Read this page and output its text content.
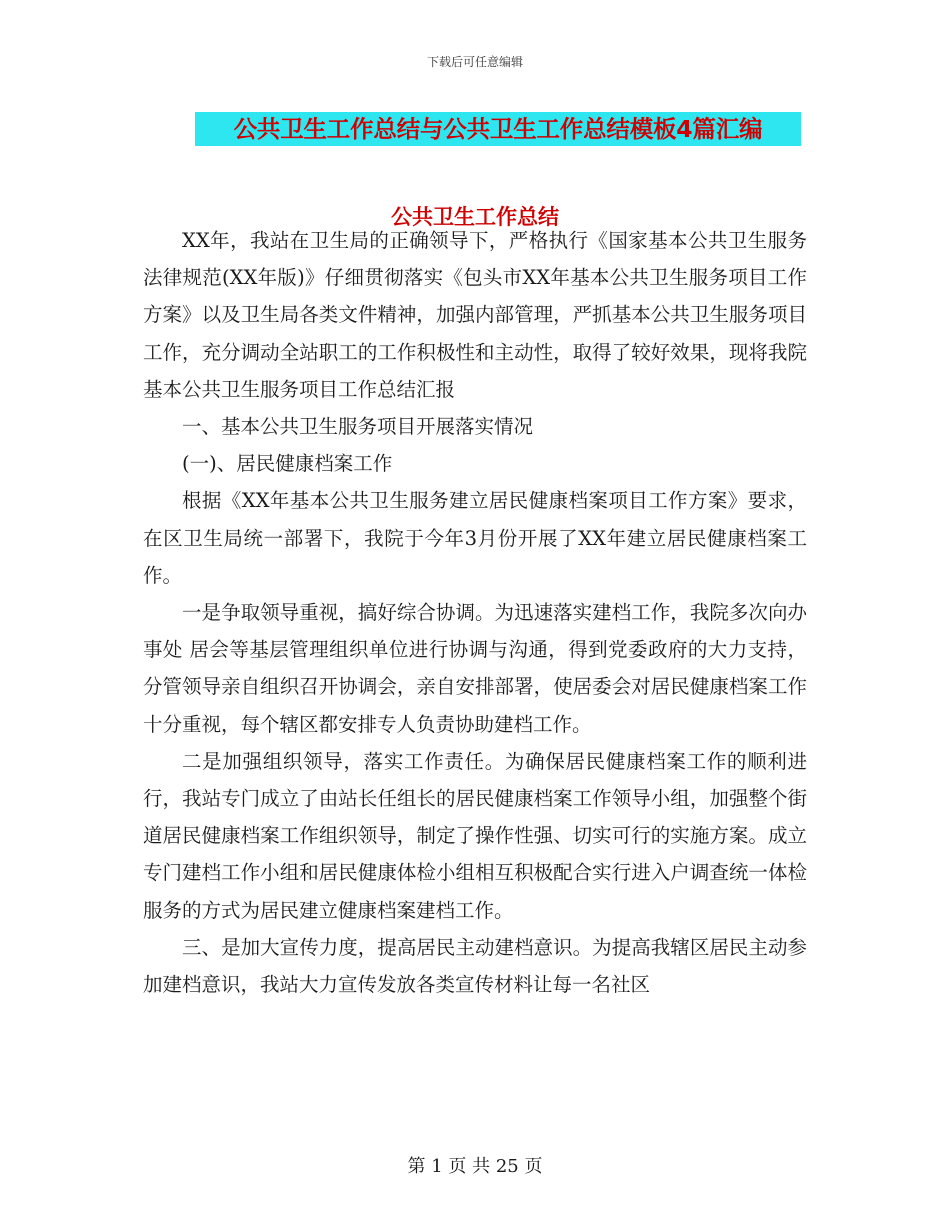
下载后可任意编辑
公共卫生工作总结与公共卫生工作总结模板4篇汇编
公共卫生工作总结

XX年，我站在卫生局的正确领导下，严格执行《国家基本公共卫生服务法律规范(XX年版)》仔细贯彻落实《包头市XX年基本公共卫生服务项目工作方案》以及卫生局各类文件精神，加强内部管理，严抓基本公共卫生服务项目工作，充分调动全站职工的工作积极性和主动性，取得了较好效果，现将我院基本公共卫生服务项目工作总结汇报

一、基本公共卫生服务项目开展落实情况

(一)、居民健康档案工作

根据《XX年基本公共卫生服务建立居民健康档案项目工作方案》要求，在区卫生局统一部署下，我院于今年3月份开展了XX年建立居民健康档案工作。

一是争取领导重视，搞好综合协调。为迅速落实建档工作，我院多次向办事处 居会等基层管理组织单位进行协调与沟通，得到党委政府的大力支持，分管领导亲自组织召开协调会，亲自安排部署，使居委会对居民健康档案工作十分重视，每个辖区都安排专人负责协助建档工作。

二是加强组织领导，落实工作责任。为确保居民健康档案工作的顺利进行，我站专门成立了由站长任组长的居民健康档案工作领导小组，加强整个街道居民健康档案工作组织领导，制定了操作性强、切实可行的实施方案。成立专门建档工作小组和居民健康体检小组相互积极配合实行进入户调查统一体检服务的方式为居民建立健康档案建档工作。

三、是加大宣传力度，提高居民主动建档意识。为提高我辖区居民主动参加建档意识，我站大力宣传发放各类宣传材料让每一名社区

第 1 页 共 25 页
